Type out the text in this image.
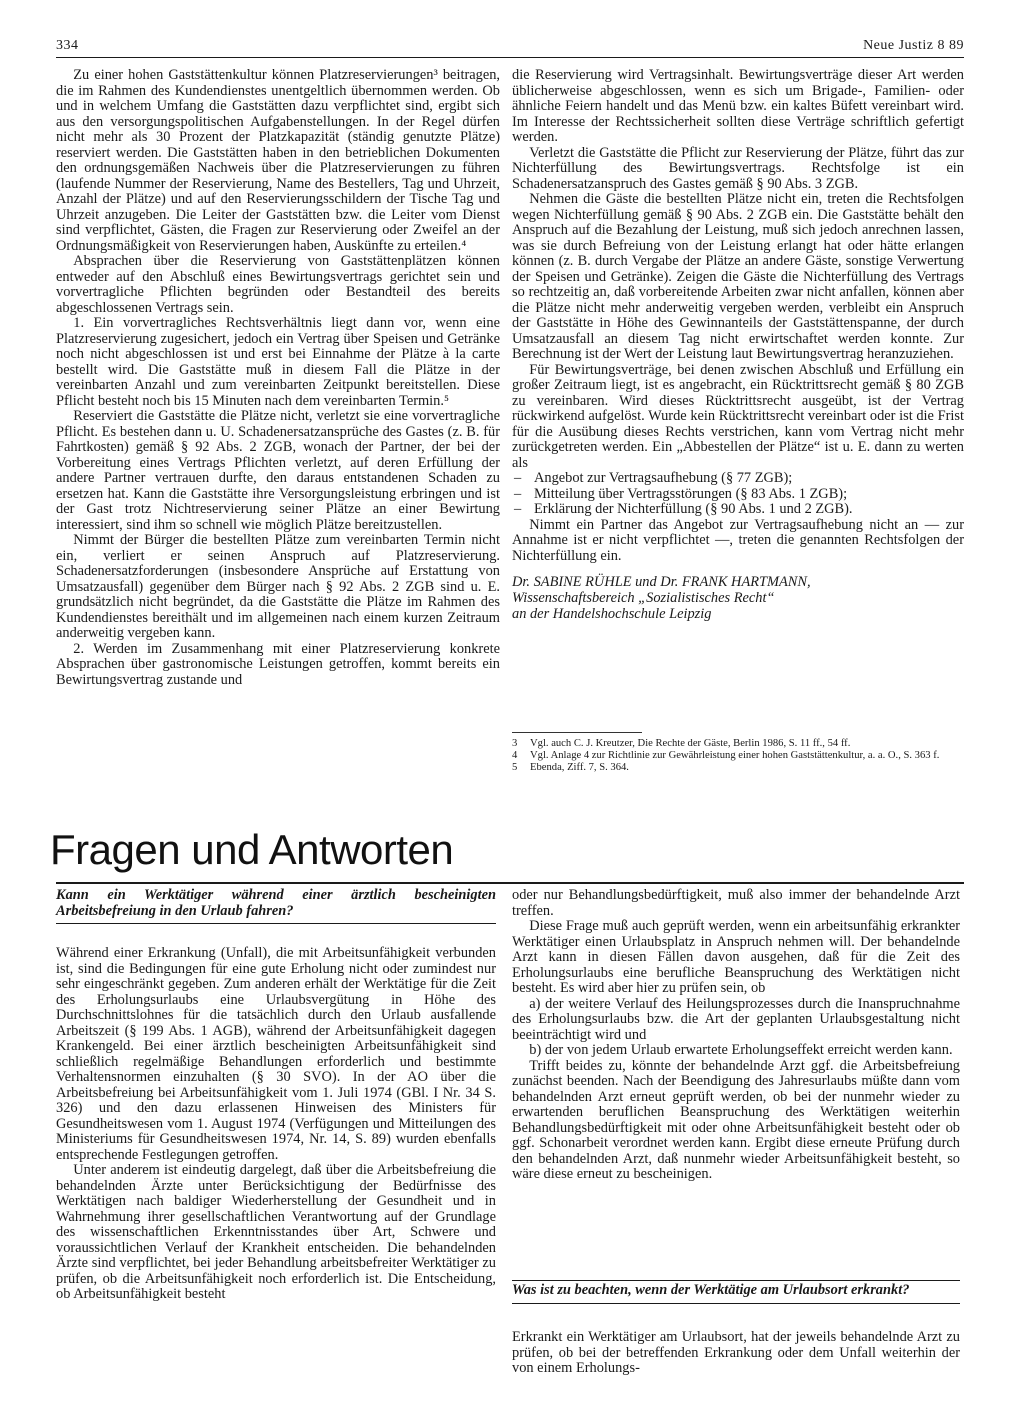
334	Neue Justiz 8 89

Zu einer hohen Gaststättenkultur können Platzreservierungen³ beitragen, die im Rahmen des Kundendienstes unentgeltlich übernommen werden. Ob und in welchem Umfang die Gaststätten dazu verpflichtet sind, ergibt sich aus den versorgungspolitischen Aufgabenstellungen. In der Regel dürfen nicht mehr als 30 Prozent der Platzkapazität (ständig genutzte Plätze) reserviert werden. Die Gaststätten haben in den betrieblichen Dokumenten den ordnungsgemäßen Nachweis über die Platzreservierungen zu führen (laufende Nummer der Reservierung, Name des Bestellers, Tag und Uhrzeit, Anzahl der Plätze) und auf den Reservierungsschildern der Tische Tag und Uhrzeit anzugeben. Die Leiter der Gaststätten bzw. die Leiter vom Dienst sind verpflichtet, Gästen, die Fragen zur Reservierung oder Zweifel an der Ordnungsmäßigkeit von Reservierungen haben, Auskünfte zu erteilen.⁴

Absprachen über die Reservierung von Gaststättenplätzen können entweder auf den Abschluß eines Bewirtungsvertrags gerichtet sein und vorvertragliche Pflichten begründen oder Bestandteil des bereits abgeschlossenen Vertrags sein.

1. Ein vorvertragliches Rechtsverhältnis liegt dann vor, wenn eine Platzreservierung zugesichert, jedoch ein Vertrag über Speisen und Getränke noch nicht abgeschlossen ist und erst bei Einnahme der Plätze à la carte bestellt wird. Die Gaststätte muß in diesem Fall die Plätze in der vereinbarten Anzahl und zum vereinbarten Zeitpunkt bereitstellen. Diese Pflicht besteht noch bis 15 Minuten nach dem vereinbarten Termin.⁵

Reserviert die Gaststätte die Plätze nicht, verletzt sie eine vorvertragliche Pflicht. Es bestehen dann u. U. Schadenersatzansprüche des Gastes (z. B. für Fahrtkosten) gemäß § 92 Abs. 2 ZGB, wonach der Partner, der bei der Vorbereitung eines Vertrags Pflichten verletzt, auf deren Erfüllung der andere Partner vertrauen durfte, den daraus entstandenen Schaden zu ersetzen hat. Kann die Gaststätte ihre Versorgungsleistung erbringen und ist der Gast trotz Nichtreservierung seiner Plätze an einer Bewirtung interessiert, sind ihm so schnell wie möglich Plätze bereitzustellen.

Nimmt der Bürger die bestellten Plätze zum vereinbarten Termin nicht ein, verliert er seinen Anspruch auf Platzreservierung. Schadenersatzforderungen (insbesondere Ansprüche auf Erstattung von Umsatzausfall) gegenüber dem Bürger nach § 92 Abs. 2 ZGB sind u. E. grundsätzlich nicht begründet, da die Gaststätte die Plätze im Rahmen des Kundendienstes bereithält und im allgemeinen nach einem kurzen Zeitraum anderweitig vergeben kann.

2. Werden im Zusammenhang mit einer Platzreservierung konkrete Absprachen über gastronomische Leistungen getroffen, kommt bereits ein Bewirtungsvertrag zustande und

die Reservierung wird Vertragsinhalt. Bewirtungsverträge dieser Art werden üblicherweise abgeschlossen, wenn es sich um Brigade-, Familien- oder ähnliche Feiern handelt und das Menü bzw. ein kaltes Büfett vereinbart wird. Im Interesse der Rechtssicherheit sollten diese Verträge schriftlich gefertigt werden.

Verletzt die Gaststätte die Pflicht zur Reservierung der Plätze, führt das zur Nichterfüllung des Bewirtungsvertrags. Rechtsfolge ist ein Schadenersatzanspruch des Gastes gemäß § 90 Abs. 3 ZGB.

Nehmen die Gäste die bestellten Plätze nicht ein, treten die Rechtsfolgen wegen Nichterfüllung gemäß § 90 Abs. 2 ZGB ein. Die Gaststätte behält den Anspruch auf die Bezahlung der Leistung, muß sich jedoch anrechnen lassen, was sie durch Befreiung von der Leistung erlangt hat oder hätte erlangen können (z. B. durch Vergabe der Plätze an andere Gäste, sonstige Verwertung der Speisen und Getränke). Zeigen die Gäste die Nichterfüllung des Vertrags so rechtzeitig an, daß vorbereitende Arbeiten zwar nicht anfallen, können aber die Plätze nicht mehr anderweitig vergeben werden, verbleibt ein Anspruch der Gaststätte in Höhe des Gewinnanteils der Gaststättenspanne, der durch Umsatzausfall an diesem Tag nicht erwirtschaftet werden konnte. Zur Berechnung ist der Wert der Leistung laut Bewirtungsvertrag heranzuziehen.

Für Bewirtungsverträge, bei denen zwischen Abschluß und Erfüllung ein großer Zeitraum liegt, ist es angebracht, ein Rücktrittsrecht gemäß § 80 ZGB zu vereinbaren. Wird dieses Rücktrittsrecht ausgeübt, ist der Vertrag rückwirkend aufgelöst. Wurde kein Rücktrittsrecht vereinbart oder ist die Frist für die Ausübung dieses Rechts verstrichen, kann vom Vertrag nicht mehr zurückgetreten werden. Ein „Abbestellen der Plätze“ ist u. E. dann zu werten als

– Angebot zur Vertragsaufhebung (§ 77 ZGB);

– Mitteilung über Vertragsstörungen (§ 83 Abs. 1 ZGB);

– Erklärung der Nichterfüllung (§ 90 Abs. 1 und 2 ZGB).

Nimmt ein Partner das Angebot zur Vertragsaufhebung nicht an — zur Annahme ist er nicht verpflichtet —, treten die genannten Rechtsfolgen der Nichterfüllung ein.

Dr. SABINE RÜHLE und Dr. FRANK HARTMANN,
Wissenschaftsbereich „Sozialistisches Recht“
an der Handelshochschule Leipzig
3	Vgl. auch C. J. Kreutzer, Die Rechte der Gäste, Berlin 1986, S. 11 ff., 54 ff.
4	Vgl. Anlage 4 zur Richtlinie zur Gewährleistung einer hohen Gaststättenkultur, a. a. O., S. 363 f.
5	Ebenda, Ziff. 7, S. 364.
Fragen und Antworten
Kann ein Werktätiger während einer ärztlich bescheinigten Arbeitsbefreiung in den Urlaub fahren?

Während einer Erkrankung (Unfall), die mit Arbeitsunfähigkeit verbunden ist, sind die Bedingungen für eine gute Erholung nicht oder zumindest nur sehr eingeschränkt gegeben. Zum anderen erhält der Werktätige für die Zeit des Erholungsurlaubs eine Urlaubsvergütung in Höhe des Durchschnittslohnes für die tatsächlich durch den Urlaub ausfallende Arbeitszeit (§ 199 Abs. 1 AGB), während der Arbeitsunfähigkeit dagegen Krankengeld. Bei einer ärztlich bescheinigten Arbeitsunfähigkeit sind schließlich regelmäßige Behandlungen erforderlich und bestimmte Verhaltensnormen einzuhalten (§ 30 SVO). In der AO über die Arbeitsbefreiung bei Arbeitsunfähigkeit vom 1. Juli 1974 (GBl. I Nr. 34 S. 326) und den dazu erlassenen Hinweisen des Ministers für Gesundheitswesen vom 1. August 1974 (Verfügungen und Mitteilungen des Ministeriums für Gesundheitswesen 1974, Nr. 14, S. 89) wurden ebenfalls entsprechende Festlegungen getroffen.

Unter anderem ist eindeutig dargelegt, daß über die Arbeitsbefreiung die behandelnden Ärzte unter Berücksichtigung der Bedürfnisse des Werktätigen nach baldiger Wiederherstellung der Gesundheit und in Wahrnehmung ihrer gesellschaftlichen Verantwortung auf der Grundlage des wissenschaftlichen Erkenntnisstandes über Art, Schwere und voraussichtlichen Verlauf der Krankheit entscheiden. Die behandelnden Ärzte sind verpflichtet, bei jeder Behandlung arbeitsbefreiter Werktätiger zu prüfen, ob die Arbeitsunfähigkeit noch erforderlich ist. Die Entscheidung, ob Arbeitsunfähigkeit besteht

oder nur Behandlungsbedürftigkeit, muß also immer der behandelnde Arzt treffen.

Diese Frage muß auch geprüft werden, wenn ein arbeitsunfähig erkrankter Werktätiger einen Urlaubsplatz in Anspruch nehmen will. Der behandelnde Arzt kann in diesen Fällen davon ausgehen, daß für die Zeit des Erholungsurlaubs eine berufliche Beanspruchung des Werktätigen nicht besteht. Es wird aber hier zu prüfen sein, ob

a) der weitere Verlauf des Heilungsprozesses durch die Inanspruchnahme des Erholungsurlaubs bzw. die Art der geplanten Urlaubsgestaltung nicht beeinträchtigt wird und

b) der von jedem Urlaub erwartete Erholungseffekt erreicht werden kann.

Trifft beides zu, könnte der behandelnde Arzt ggf. die Arbeitsbefreiung zunächst beenden. Nach der Beendigung des Jahresurlaubs müßte dann vom behandelnden Arzt erneut geprüft werden, ob bei der nunmehr wieder zu erwartenden beruflichen Beanspruchung des Werktätigen weiterhin Behandlungsbedürftigkeit mit oder ohne Arbeitsunfähigkeit besteht oder ob ggf. Schonarbeit verordnet werden kann. Ergibt diese erneute Prüfung durch den behandelnden Arzt, daß nunmehr wieder Arbeitsunfähigkeit besteht, so wäre diese erneut zu bescheinigen.

Was ist zu beachten, wenn der Werktätige am Urlaubsort erkrankt?

Erkrankt ein Werktätiger am Urlaubsort, hat der jeweils behandelnde Arzt zu prüfen, ob bei der betreffenden Erkrankung oder dem Unfall weiterhin der von einem Erholungs-
